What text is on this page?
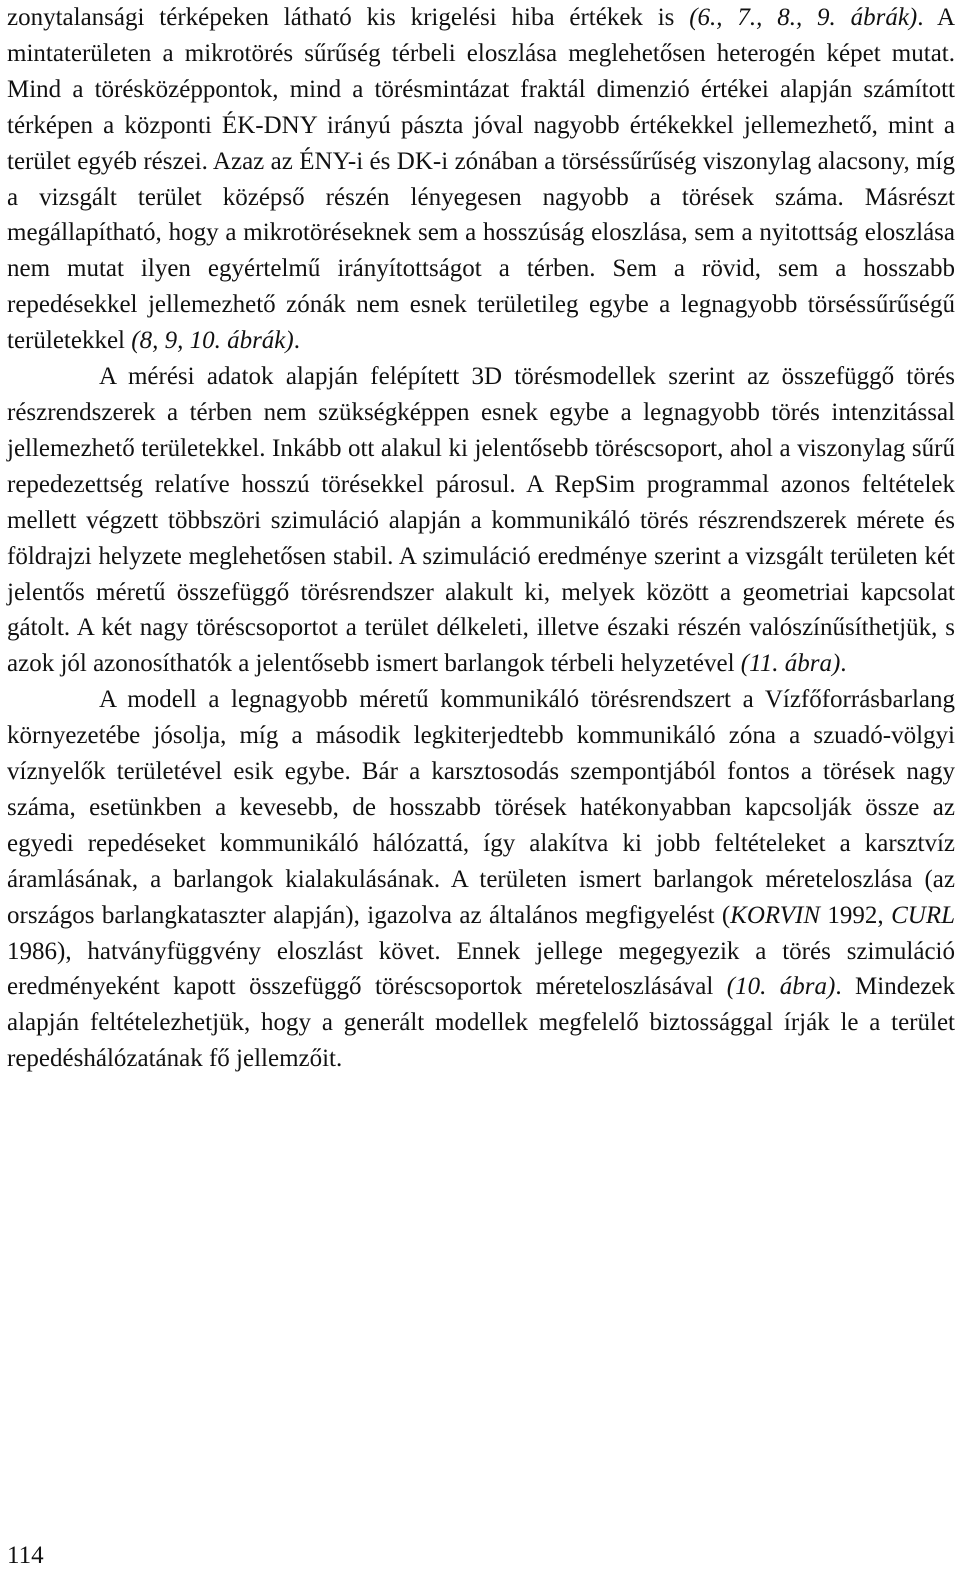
zonytalansági térképeken látható kis krigelési hiba értékek is (6., 7., 8., 9. ábrák). A mintaterületen a mikrotörés sűrűség térbeli eloszlása meglehetősen heterogén képet mutat. Mind a törésközéppontok, mind a törésmintázat fraktál dimenzió értékei alapján számított térképen a központi ÉK-DNY irányú pászta jóval nagyobb értékekkel jellemezhető, mint a terület egyéb részei. Azaz az ÉNY-i és DK-i zónában a törséssűrűség viszonylag alacsony, míg a vizsgált terület középső részén lényegesen nagyobb a törések száma. Másrészt megállapítható, hogy a mikrotöréseknek sem a hosszúság eloszlása, sem a nyitottság eloszlása nem mutat ilyen egyértelmű irányítottságot a térben. Sem a rövid, sem a hosszabb repedésekkel jellemezhető zónák nem esnek területileg egybe a legnagyobb törséssűrűségű területekkel (8, 9, 10. ábrák).

A mérési adatok alapján felépített 3D törésmodellek szerint az összefüggő törés részrendszerek a térben nem szükségképpen esnek egybe a legnagyobb törés intenzitással jellemezhető területekkel. Inkább ott alakul ki jelentősebb töréscsoport, ahol a viszonylag sűrű repedezettség relatíve hosszú törésekkel párosul. A RepSim programmal azonos feltételek mellett végzett többszöri szimuláció alapján a kommunikáló törés részrendszerek mérete és földrajzi helyzete meglehetősen stabil. A szimuláció eredménye szerint a vizsgált területen két jelentős méretű összefüggő törésrendszer alakult ki, melyek között a geometriai kapcsolat gátolt. A két nagy töréscsoportot a terület délkeleti, illetve északi részén valószínűsíthetjük, s azok jól azonosíthatók a jelentősebb ismert barlangok térbeli helyzetével (11. ábra).

A modell a legnagyobb méretű kommunikáló törésrendszert a Vízfőforrásbarlang környezetébe jósolja, míg a második legkiterjedtebb kommunikáló zóna a szuadó-völgyi víznyelők területével esik egybe. Bár a karsztosodás szempontjából fontos a törések nagy száma, esetünkben a kevesebb, de hosszabb törések hatékonyabban kapcsolják össze az egyedi repedéseket kommunikáló hálózattá, így alakítva ki jobb feltételeket a karsztvíz áramlásának, a barlangok kialakulásának. A területen ismert barlangok méreteloszlása (az országos barlangkataszter alapján), igazolva az általános megfigyelést (KORVIN 1992, CURL 1986), hatványfüggvény eloszlást követ. Ennek jellege megegyezik a törés szimuláció eredményeként kapott összefüggő töréscsoportok méreteloszlásával (10. ábra). Mindezek alapján feltételezhetjük, hogy a generált modellek megfelelő biztossággal írják le a terület repedéshálózatának fő jellemzőit.

114
